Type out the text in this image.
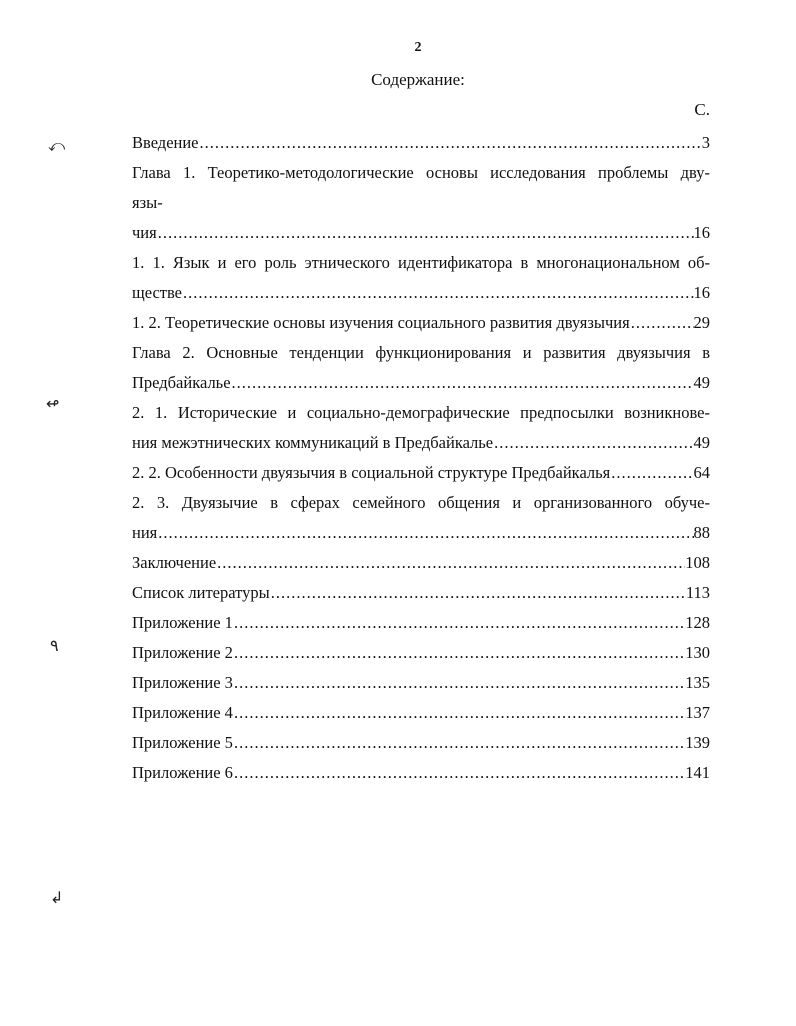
2
Содержание:
С.
⤺
↫
٩
↲
Введение .....	3
Глава 1. Теоретико-методологические основы исследования проблемы дву-
язы-
чия .....	16
1. 1. Язык и его роль этнического идентификатора в многонациональном об-
ществе .....	16
1. 2. Теоретические основы изучения социального развития двуязычия .....	29
Глава 2. Основные тенденции функционирования и развития двуязычия в
Предбайкалье .....	49
2. 1. Исторические и социально-демографические предпосылки возникнове-
ния межэтнических коммуникаций в Предбайкалье .....	49
2. 2. Особенности двуязычия в социальной структуре Предбайкалья .....	64
2. 3. Двуязычие в сферах семейного общения и организованного обуче-
ния .....	88
Заключение .....	108
Список литературы .....	113
Приложение 1 .....	128
Приложение 2 .....	130
Приложение 3 .....	135
Приложение 4 .....	137
Приложение 5 .....	139
Приложение 6 .....	141
